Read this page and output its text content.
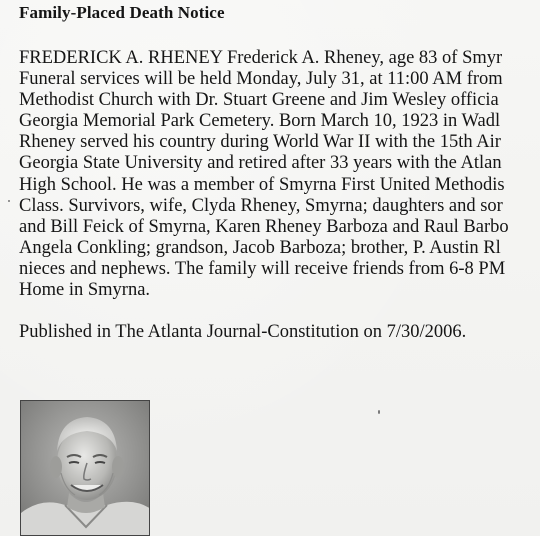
Family-Placed Death Notice
FREDERICK A. RHENEY Frederick A. Rheney, age 83 of Smyr
Funeral services will be held Monday, July 31, at 11:00 AM from
Methodist Church with Dr. Stuart Greene and Jim Wesley officia
Georgia Memorial Park Cemetery. Born March 10, 1923 in Wadl
Rheney served his country during World War II with the 15th Air
Georgia State University and retired after 33 years with the Atlan
High School. He was a member of Smyrna First United Methodis
Class. Survivors, wife, Clyda Rheney, Smyrna; daughters and sor
and Bill Feick of Smyrna, Karen Rheney Barboza and Raul Barbo
Angela Conkling; grandson, Jacob Barboza; brother, P. Austin Rl
nieces and nephews. The family will receive friends from 6-8 PM
Home in Smyrna.
Published in The Atlanta Journal-Constitution on 7/30/2006.
